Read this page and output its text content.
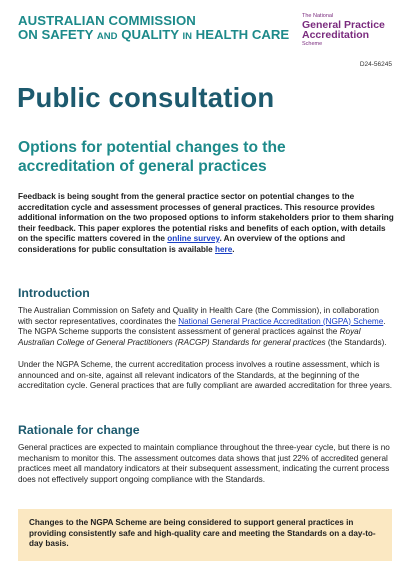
AUSTRALIAN COMMISSION
ON SAFETY AND QUALITY IN HEALTH CARE
The National
General Practice
Accreditation
Scheme
D24-56245
Public consultation
Options for potential changes to the accreditation of general practices

Feedback is being sought from the general practice sector on potential changes to the accreditation cycle and assessment processes of general practices. This resource provides additional information on the two proposed options to inform stakeholders prior to them sharing their feedback. This paper explores the potential risks and benefits of each option, with details on the specific matters covered in the online survey. An overview of the options and considerations for public consultation is available here.

Introduction

The Australian Commission on Safety and Quality in Health Care (the Commission), in collaboration with sector representatives, coordinates the National General Practice Accreditation (NGPA) Scheme. The NGPA Scheme supports the consistent assessment of general practices against the Royal Australian College of General Practitioners (RACGP) Standards for general practices (the Standards).

Under the NGPA Scheme, the current accreditation process involves a routine assessment, which is announced and on-site, against all relevant indicators of the Standards, at the beginning of the accreditation cycle. General practices that are fully compliant are awarded accreditation for three years.

Rationale for change

General practices are expected to maintain compliance throughout the three-year cycle, but there is no mechanism to monitor this. The assessment outcomes data shows that just 22% of accredited general practices meet all mandatory indicators at their subsequent assessment, indicating the current process does not effectively support ongoing compliance with the Standards.

Changes to the NGPA Scheme are being considered to support general practices in providing consistently safe and high-quality care and meeting the Standards on a day-to-day basis.
